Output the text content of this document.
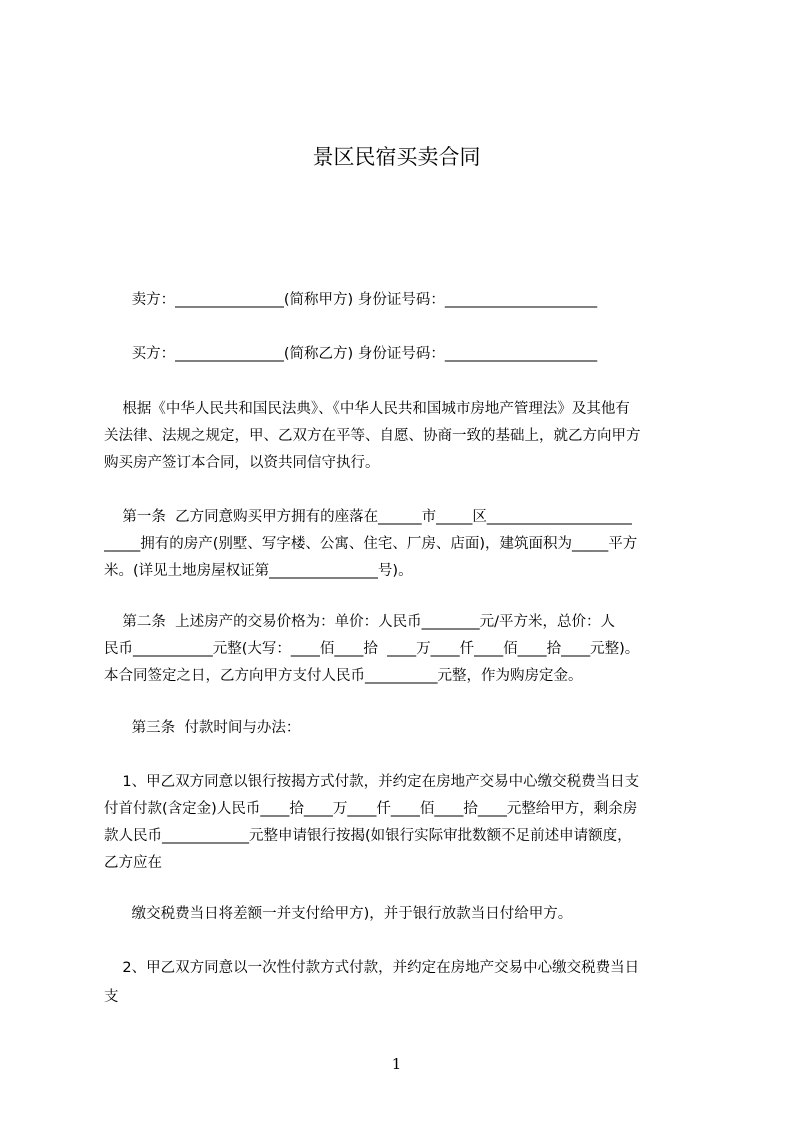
景区民宿买卖合同
卖方：_______________(简称甲方) 身份证号码：_____________________
买方：_______________(简称乙方) 身份证号码：_____________________
根据《中华人民共和国民法典》、《中华人民共和国城市房地产管理法》及其他有
关法律、法规之规定，甲、乙双方在平等、自愿、协商一致的基础上，就乙方向甲方
购买房产签订本合同，以资共同信守执行。
第一条  乙方同意购买甲方拥有的座落在______市_____区____________________
_____拥有的房产(别墅、写字楼、公寓、住宅、厂房、店面)，建筑面积为_____平方
米。(详见土地房屋权证第_______________号)。
第二条  上述房产的交易价格为：单价：人民币________元/平方米，总价：人
民币___________元整(大写：____佰____拾  ____万____仟____佰____拾____元整)。
本合同签定之日，乙方向甲方支付人民币__________元整，作为购房定金。
第三条  付款时间与办法：
1、甲乙双方同意以银行按揭方式付款，并约定在房地产交易中心缴交税费当日支
付首付款(含定金)人民币____拾____万____仟____佰____拾____元整给甲方，剩余房
款人民币____________元整申请银行按揭(如银行实际审批数额不足前述申请额度，
乙方应在
缴交税费当日将差额一并支付给甲方)，并于银行放款当日付给甲方。
2、甲乙双方同意以一次性付款方式付款，并约定在房地产交易中心缴交税费当日
支
1
